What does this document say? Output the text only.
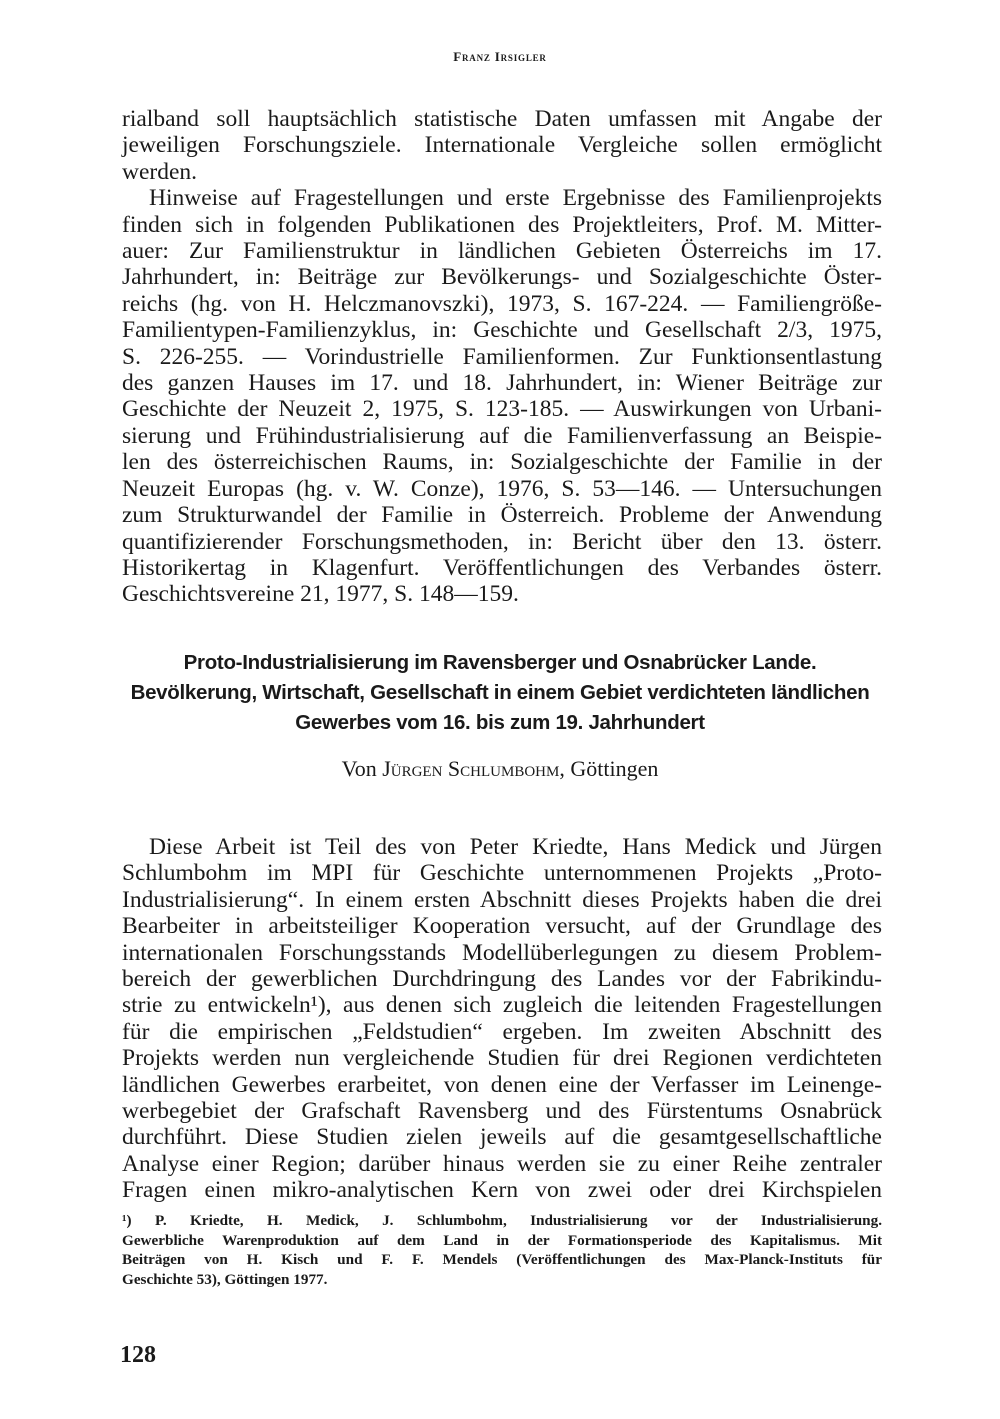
Franz Irsigler
rialband soll hauptsächlich statistische Daten umfassen mit Angabe der
jeweiligen Forschungsziele. Internationale Vergleiche sollen ermöglicht
werden.
Hinweise auf Fragestellungen und erste Ergebnisse des Familienprojekts
finden sich in folgenden Publikationen des Projektleiters, Prof. M. Mitter-
auer: Zur Familienstruktur in ländlichen Gebieten Österreichs im 17.
Jahrhundert, in: Beiträge zur Bevölkerungs- und Sozialgeschichte Öster-
reichs (hg. von H. Helczmanovszki), 1973, S. 167-224. — Familiengröße-
Familientypen-Familienzyklus, in: Geschichte und Gesellschaft 2/3, 1975,
S. 226-255. — Vorindustrielle Familienformen. Zur Funktionsentlastung
des ganzen Hauses im 17. und 18. Jahrhundert, in: Wiener Beiträge zur
Geschichte der Neuzeit 2, 1975, S. 123-185. — Auswirkungen von Urbani-
sierung und Frühindustrialisierung auf die Familienverfassung an Beispie-
len des österreichischen Raums, in: Sozialgeschichte der Familie in der
Neuzeit Europas (hg. v. W. Conze), 1976, S. 53—146. — Untersuchungen
zum Strukturwandel der Familie in Österreich. Probleme der Anwendung
quantifizierender Forschungsmethoden, in: Bericht über den 13. österr.
Historikertag in Klagenfurt. Veröffentlichungen des Verbandes österr.
Geschichtsvereine 21, 1977, S. 148—159.
Proto-Industrialisierung im Ravensberger und Osnabrücker Lande.
Bevölkerung, Wirtschaft, Gesellschaft in einem Gebiet verdichteten ländlichen
Gewerbes vom 16. bis zum 19. Jahrhundert
Von Jürgen Schlumbohm, Göttingen
Diese Arbeit ist Teil des von Peter Kriedte, Hans Medick und Jürgen
Schlumbohm im MPI für Geschichte unternommenen Projekts „Proto-
Industrialisierung“. In einem ersten Abschnitt dieses Projekts haben die drei
Bearbeiter in arbeitsteiliger Kooperation versucht, auf der Grundlage des
internationalen Forschungsstands Modellüberlegungen zu diesem Problem-
bereich der gewerblichen Durchdringung des Landes vor der Fabrikindu-
strie zu entwickeln¹), aus denen sich zugleich die leitenden Fragestellungen
für die empirischen „Feldstudien“ ergeben. Im zweiten Abschnitt des
Projekts werden nun vergleichende Studien für drei Regionen verdichteten
ländlichen Gewerbes erarbeitet, von denen eine der Verfasser im Leinenge-
werbegebiet der Grafschaft Ravensberg und des Fürstentums Osnabrück
durchführt. Diese Studien zielen jeweils auf die gesamtgesellschaftliche
Analyse einer Region; darüber hinaus werden sie zu einer Reihe zentraler
Fragen einen mikro-analytischen Kern von zwei oder drei Kirchspielen
¹) P. Kriedte, H. Medick, J. Schlumbohm, Industrialisierung vor der Industrialisierung.
Gewerbliche Warenproduktion auf dem Land in der Formationsperiode des Kapitalismus. Mit
Beiträgen von H. Kisch und F. F. Mendels (Veröffentlichungen des Max-Planck-Instituts für
Geschichte 53), Göttingen 1977.
128
